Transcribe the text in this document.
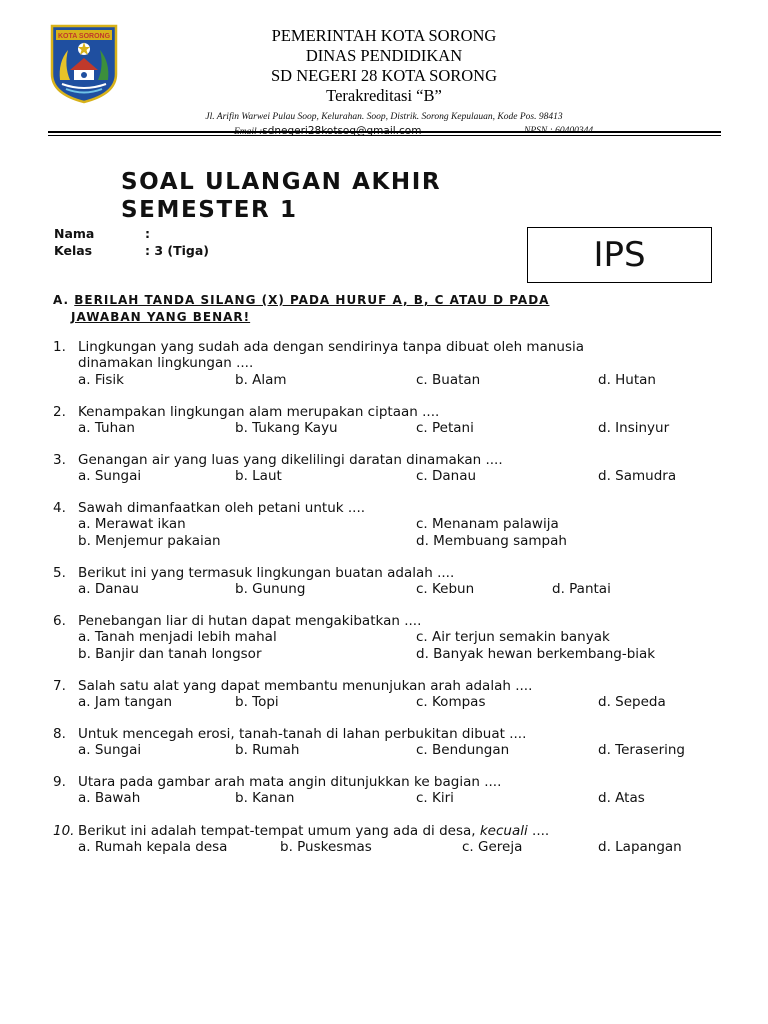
KOTA SORONG	PEMERINTAH KOTA SORONG
DINAS PENDIDIKAN
SD NEGERI 28 KOTA SORONG
Terakreditasi “B”
Jl. Arifin Warwei Pulau Soop, Kelurahan. Soop, Distrik. Sorong Kepulauan, Kode Pos. 98413
SOAL ULANGAN AKHIR
SEMESTER 1
Nama	:
Kelas	: 3 (Tiga)	IPS
A. BERILAH TANDA SILANG (X) PADA HURUF A, B, C ATAU D PADA
JAWABAN YANG BENAR!
1. Lingkungan yang sudah ada dengan sendirinya tanpa dibuat oleh manusia
dinamakan lingkungan ....
a. Fisik	b. Alam	c. Buatan	d. Hutan
2. Kenampakan lingkungan alam merupakan ciptaan ....
a. Tuhan	b. Tukang Kayu	c. Petani	d. Insinyur
3. Genangan air yang luas yang dikelilingi daratan dinamakan ....
a. Sungai	b. Laut	c. Danau	d. Samudra
4. Sawah dimanfaatkan oleh petani untuk ....
a. Merawat ikan	c. Menanam palawija
b. Menjemur pakaian	d. Membuang sampah
5. Berikut ini yang termasuk lingkungan buatan adalah ....
a. Danau	b. Gunung	c. Kebun	d. Pantai
6. Penebangan liar di hutan dapat mengakibatkan ....
a. Tanah menjadi lebih mahal	c. Air terjun semakin banyak
b. Banjir dan tanah longsor	d. Banyak hewan berkembang-biak
7. Salah satu alat yang dapat membantu menunjukan arah adalah ....
a. Jam tangan	b. Topi	c. Kompas	d. Sepeda
8. Untuk mencegah erosi, tanah-tanah di lahan perbukitan dibuat ....
a. Sungai	b. Rumah	c. Bendungan	d. Terasering
9. Utara pada gambar arah mata angin ditunjukkan ke bagian ....
a. Bawah	b. Kanan	c. Kiri	d. Atas
10. Berikut ini adalah tempat-tempat umum yang ada di desa, kecuali ....
a. Rumah kepala desa	b. Puskesmas	c. Gereja	d. Lapangan
